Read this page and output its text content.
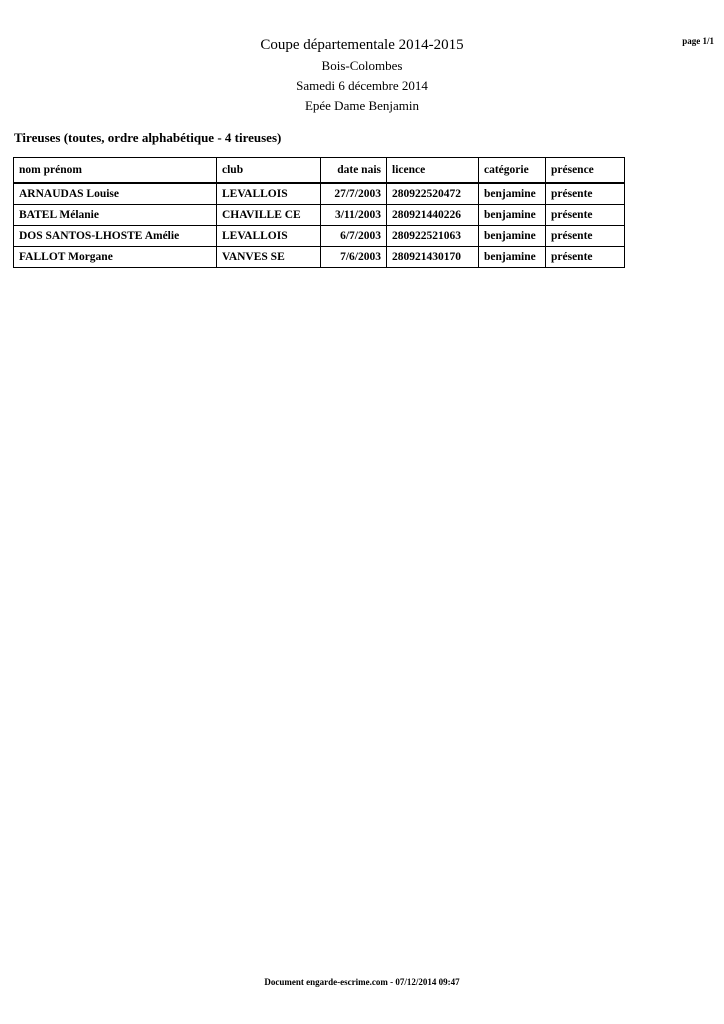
page 1/1
Coupe départementale 2014-2015
Bois-Colombes
Samedi 6 décembre 2014
Epée Dame Benjamin
Tireuses (toutes, ordre alphabétique - 4 tireuses)
nom prénom	club	date nais	licence	catégorie	présence
ARNAUDAS Louise	LEVALLOIS	27/7/2003	280922520472	benjamine	présente
BATEL Mélanie	CHAVILLE CE	3/11/2003	280921440226	benjamine	présente
DOS SANTOS-LHOSTE Amélie	LEVALLOIS	6/7/2003	280922521063	benjamine	présente
FALLOT Morgane	VANVES SE	7/6/2003	280921430170	benjamine	présente
Document engarde-escrime.com - 07/12/2014 09:47
